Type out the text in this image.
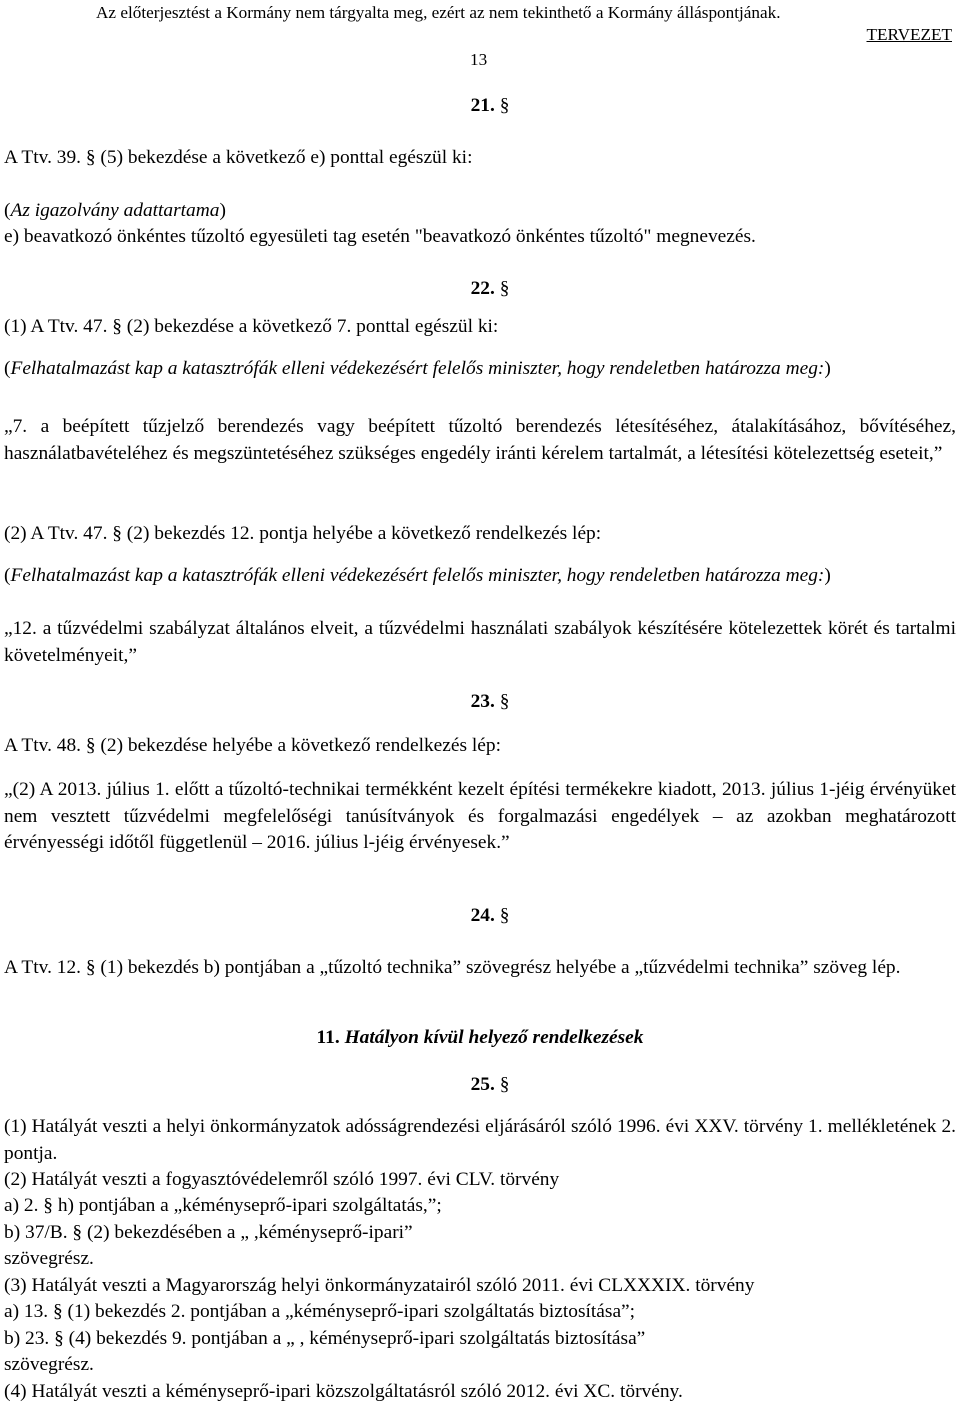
Az előterjesztést a Kormány nem tárgyalta meg, ezért az nem tekinthető a Kormány álláspontjának.
TERVEZET
13
21. §

A Ttv. 39. § (5) bekezdése a következő e) ponttal egészül ki:

(Az igazolvány adattartama)

e) beavatkozó önkéntes tűzoltó egyesületi tag esetén "beavatkozó önkéntes tűzoltó" megnevezés.

22. §

(1) A Ttv. 47. § (2) bekezdése a következő 7. ponttal egészül ki:

(Felhatalmazást kap a katasztrófák elleni védekezésért felelős miniszter, hogy rendeletben határozza meg:)

„7. a beépített tűzjelző berendezés vagy beépített tűzoltó berendezés létesítéséhez, átalakításához, bővítéséhez, használatbavételéhez és megszüntetéséhez szükséges engedély iránti kérelem tartalmát, a létesítési kötelezettség eseteit,”

(2) A Ttv. 47. § (2) bekezdés 12. pontja helyébe a következő rendelkezés lép:

(Felhatalmazást kap a katasztrófák elleni védekezésért felelős miniszter, hogy rendeletben határozza meg:)

„12. a tűzvédelmi szabályzat általános elveit, a tűzvédelmi használati szabályok készítésére kötelezettek körét és tartalmi követelményeit,”

23. §

A Ttv. 48. § (2) bekezdése helyébe a következő rendelkezés lép:

„(2) A 2013. július 1. előtt a tűzoltó-technikai termékként kezelt építési termékekre kiadott, 2013. július 1-jéig érvényüket nem vesztett tűzvédelmi megfelelőségi tanúsítványok és forgalmazási engedélyek – az azokban meghatározott érvényességi időtől függetlenül – 2016. július l-jéig érvényesek.”

24. §

A Ttv. 12. § (1) bekezdés b) pontjában a „tűzoltó technika” szövegrész helyébe a „tűzvédelmi technika” szöveg lép.

11. Hatályon kívül helyező rendelkezések
25. §

(1) Hatályát veszti a helyi önkormányzatok adósságrendezési eljárásáról szóló 1996. évi XXV. törvény 1. mellékletének 2. pontja.

(2) Hatályát veszti a fogyasztóvédelemről szóló 1997. évi CLV. törvény

a) 2. § h) pontjában a „kéményseprő-ipari szolgáltatás,”;

b) 37/B. § (2) bekezdésében a „ ,kéményseprő-ipari”

szövegrész.

(3) Hatályát veszti a Magyarország helyi önkormányzatairól szóló 2011. évi CLXXXIX. törvény

a) 13. § (1) bekezdés 2. pontjában a „kéményseprő-ipari szolgáltatás biztosítása”;

b) 23. § (4) bekezdés 9. pontjában a „ , kéményseprő-ipari szolgáltatás biztosítása”

szövegrész.

(4) Hatályát veszti a kéményseprő-ipari közszolgáltatásról szóló 2012. évi XC. törvény.
